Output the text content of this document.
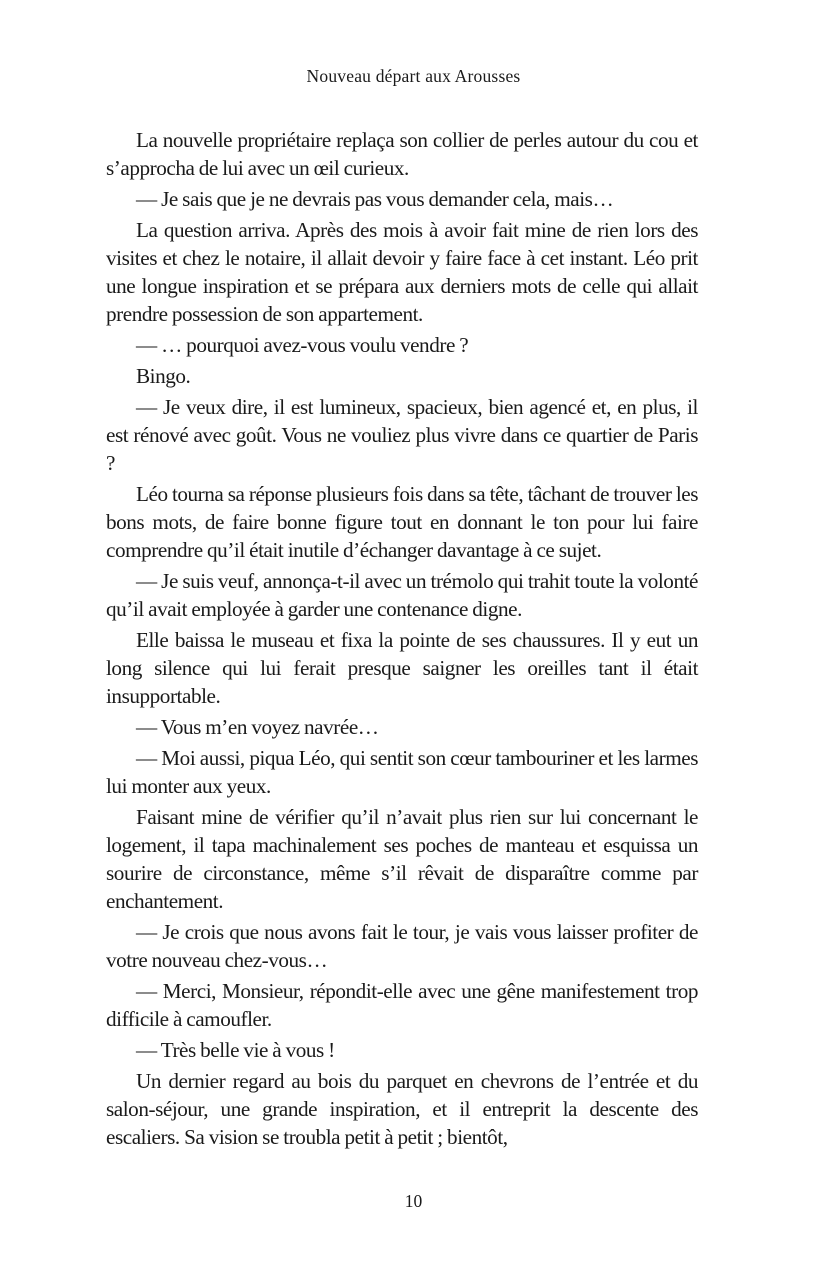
Nouveau départ aux Arousses

La nouvelle propriétaire replaça son collier de perles autour du cou et s’approcha de lui avec un œil curieux.

— Je sais que je ne devrais pas vous demander cela, mais…

La question arriva. Après des mois à avoir fait mine de rien lors des visites et chez le notaire, il allait devoir y faire face à cet instant. Léo prit une longue inspiration et se prépara aux derniers mots de celle qui allait prendre possession de son appartement.

— … pourquoi avez-vous voulu vendre ?

Bingo.

— Je veux dire, il est lumineux, spacieux, bien agencé et, en plus, il est rénové avec goût. Vous ne vouliez plus vivre dans ce quartier de Paris ?

Léo tourna sa réponse plusieurs fois dans sa tête, tâchant de trouver les bons mots, de faire bonne figure tout en donnant le ton pour lui faire comprendre qu’il était inutile d’échanger davantage à ce sujet.

— Je suis veuf, annonça-t-il avec un trémolo qui trahit toute la volonté qu’il avait employée à garder une contenance digne.

Elle baissa le museau et fixa la pointe de ses chaussures. Il y eut un long silence qui lui ferait presque saigner les oreilles tant il était insupportable.

— Vous m’en voyez navrée…

— Moi aussi, piqua Léo, qui sentit son cœur tambouriner et les larmes lui monter aux yeux.

Faisant mine de vérifier qu’il n’avait plus rien sur lui concernant le logement, il tapa machinalement ses poches de manteau et esquissa un sourire de circonstance, même s’il rêvait de disparaître comme par enchantement.

— Je crois que nous avons fait le tour, je vais vous laisser profiter de votre nouveau chez-vous…

— Merci, Monsieur, répondit-elle avec une gêne manifestement trop difficile à camoufler.

— Très belle vie à vous !

Un dernier regard au bois du parquet en chevrons de l’entrée et du salon-séjour, une grande inspiration, et il entreprit la descente des escaliers. Sa vision se troubla petit à petit ; bientôt,

10
